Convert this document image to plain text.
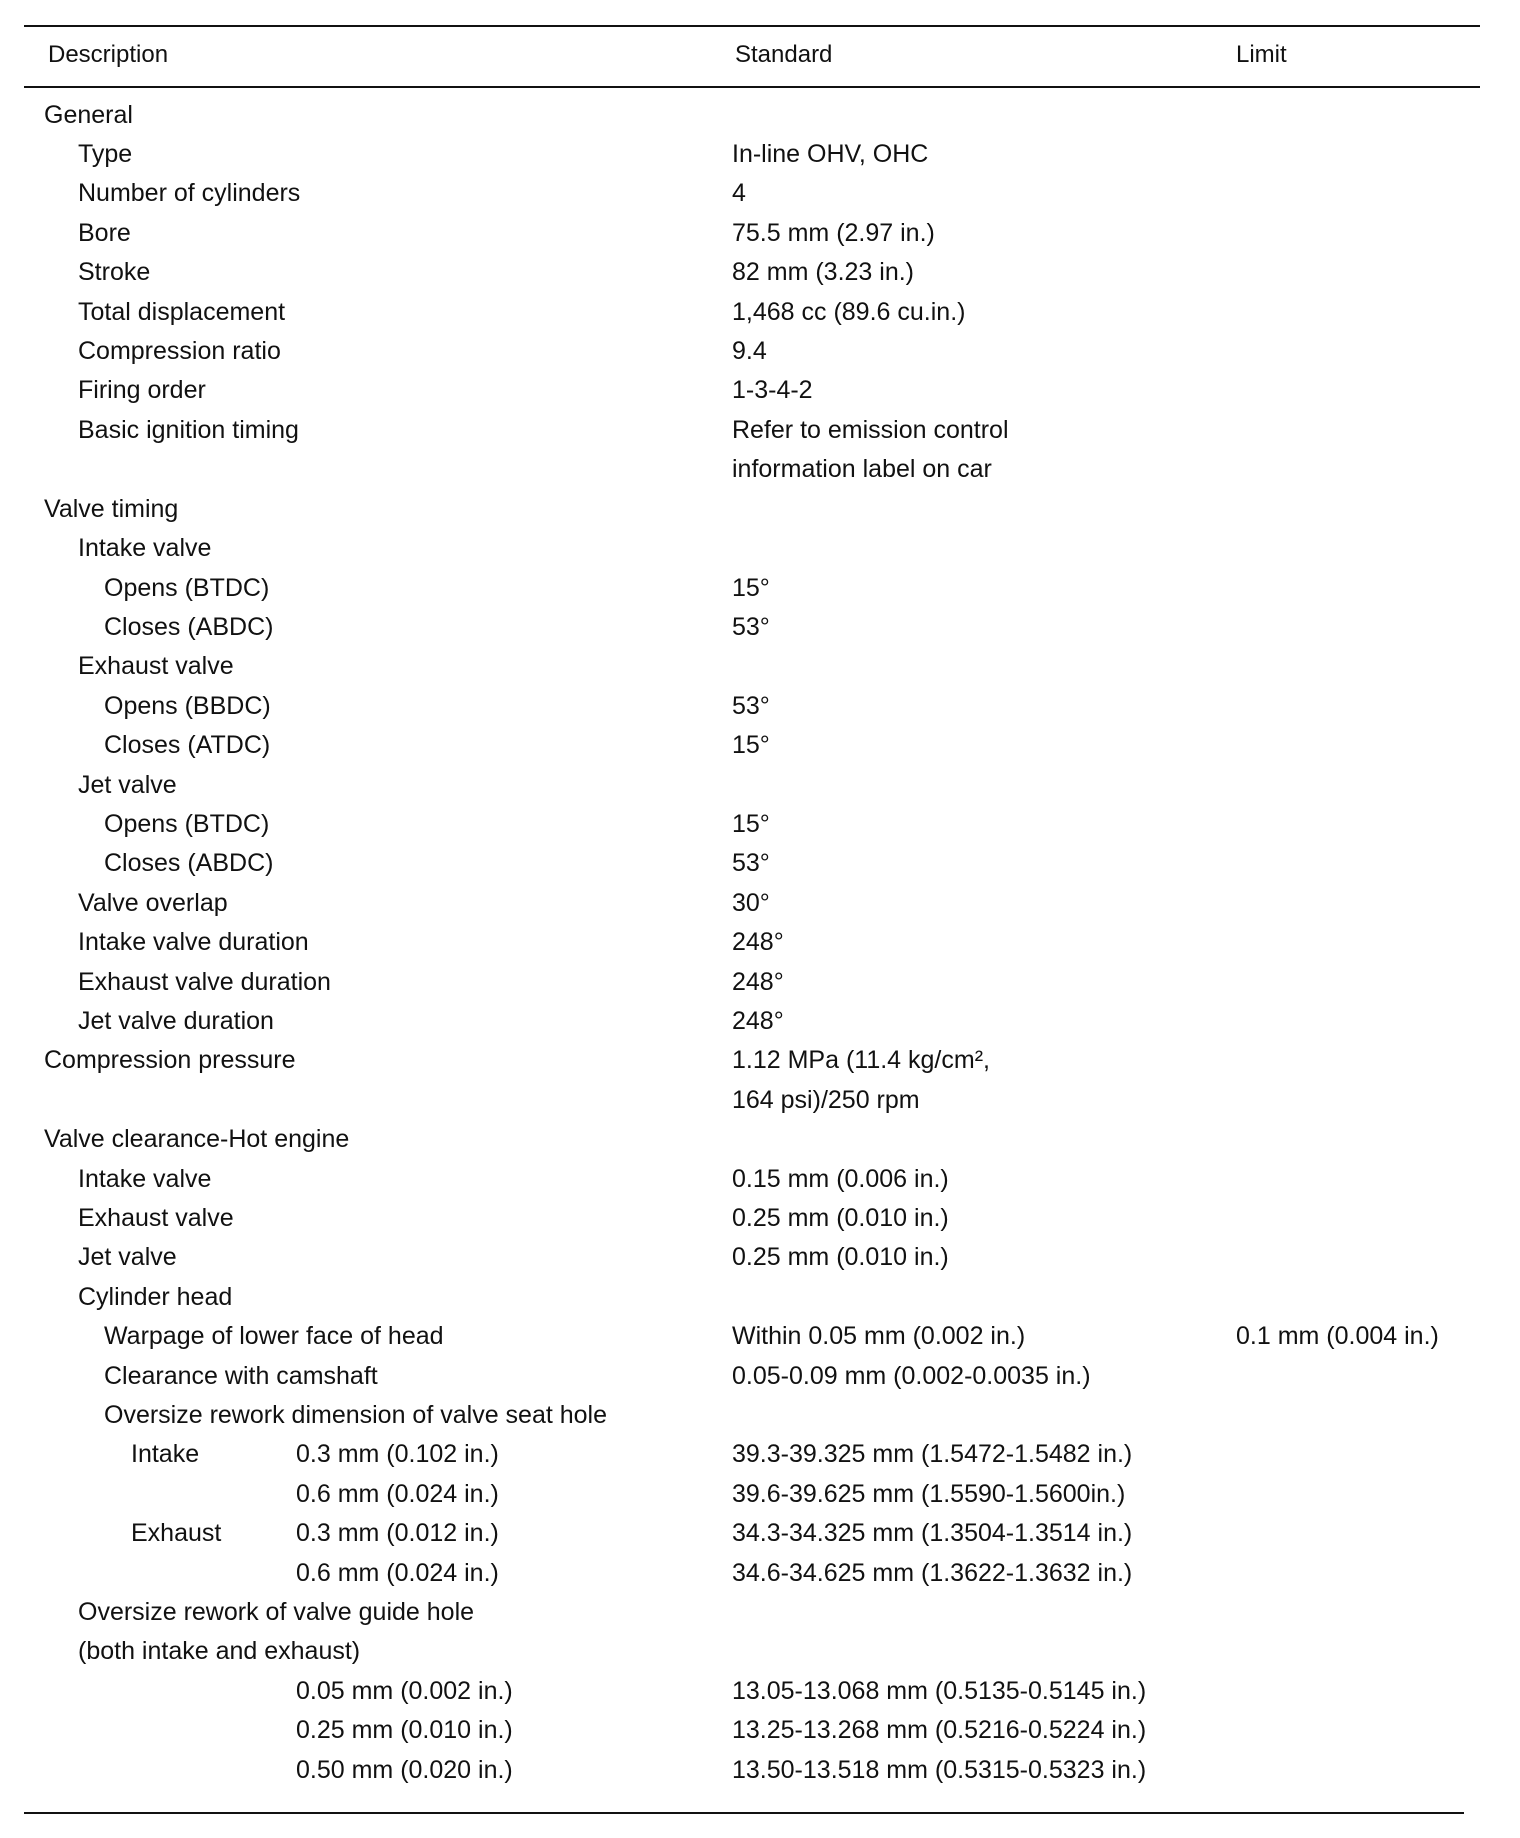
Description	Standard	Limit
General
Type	In-line OHV, OHC
Number of cylinders	4
Bore	75.5 mm (2.97 in.)
Stroke	82 mm (3.23 in.)
Total displacement	1,468 cc (89.6 cu.in.)
Compression ratio	9.4
Firing order	1-3-4-2
Basic ignition timing	Refer to emission control
information label on car
Valve timing
Intake valve
Opens (BTDC)	15°
Closes (ABDC)	53°
Exhaust valve
Opens (BBDC)	53°
Closes (ATDC)	15°
Jet valve
Opens (BTDC)	15°
Closes (ABDC)	53°
Valve overlap	30°
Intake valve duration	248°
Exhaust valve duration	248°
Jet valve duration	248°
Compression pressure	1.12 MPa (11.4 kg/cm²,
164 psi)/250 rpm
Valve clearance-Hot engine
Intake valve	0.15 mm (0.006 in.)
Exhaust valve	0.25 mm (0.010 in.)
Jet valve	0.25 mm (0.010 in.)
Cylinder head
Warpage of lower face of head	Within 0.05 mm (0.002 in.)	0.1 mm (0.004 in.)
Clearance with camshaft	0.05-0.09 mm (0.002-0.0035 in.)
Oversize rework dimension of valve seat hole
Intake	0.3 mm (0.102 in.)	39.3-39.325 mm (1.5472-1.5482 in.)
0.6 mm (0.024 in.)	39.6-39.625 mm (1.5590-1.5600in.)
Exhaust	0.3 mm (0.012 in.)	34.3-34.325 mm (1.3504-1.3514 in.)
0.6 mm (0.024 in.)	34.6-34.625 mm (1.3622-1.3632 in.)
Oversize rework of valve guide hole
(both intake and exhaust)
0.05 mm (0.002 in.)	13.05-13.068 mm (0.5135-0.5145 in.)
0.25 mm (0.010 in.)	13.25-13.268 mm (0.5216-0.5224 in.)
0.50 mm (0.020 in.)	13.50-13.518 mm (0.5315-0.5323 in.)
